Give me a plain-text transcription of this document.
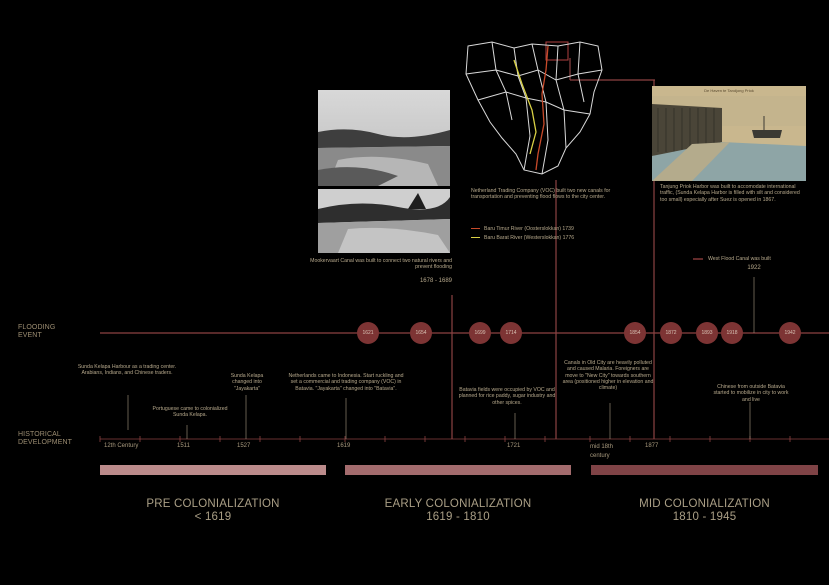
1621	1654	1699	1714	1854	1872	1893	1918	1942
FLOODING EVENT
HISTORICAL DEVELOPMENT	12th Century	1511	1527	1619	1721	mid 18th century
1877
Sunda Kelapa Harbour as a trading center. Arabians, Indians, and Chinese traders.
Portuguese came to colonialized Sunda Kelapa.
Sunda Kelapa changed into "Jayakarta"
Netherlands came to Indonesia. Start ruckling and set a commercial and trading company (VOC) in Batavia. "Jayakarta" changed into "Batavia".	Batavia fields were occupied by VOC and planned for rice paddy, sugar industry and other spices.
Canals in Old City are heavily polluted and caused Malaria. Foreigners are move to "New City" towards southern area (positioned higher in elevation and climate)	Chinese from outside Batavia started to mobilize in city to work and live
Mookervaart Canal was built to connect two natural rivers and prevent flooding
1678 - 1689
Netherland Trading Company (VOC) built two new canals for transportation and preventing flood flows to the city center.
Baru Timur River (Oosterslokkan) 1739
Baru Barat River (Westerslokkan) 1776
De Haven te Tandjong Priok
Tanjung Priok Harbor was built to accomodate international traffic, (Sunda Kelapa Harbor is filled with silt and considered too small) especially after Suez is opened in 1867.
West Flood Canal was built
1922
PRE COLONIALIZATION
< 1619
EARLY COLONIALIZATION
1619 - 1810
MID COLONIALIZATION
1810 - 1945
